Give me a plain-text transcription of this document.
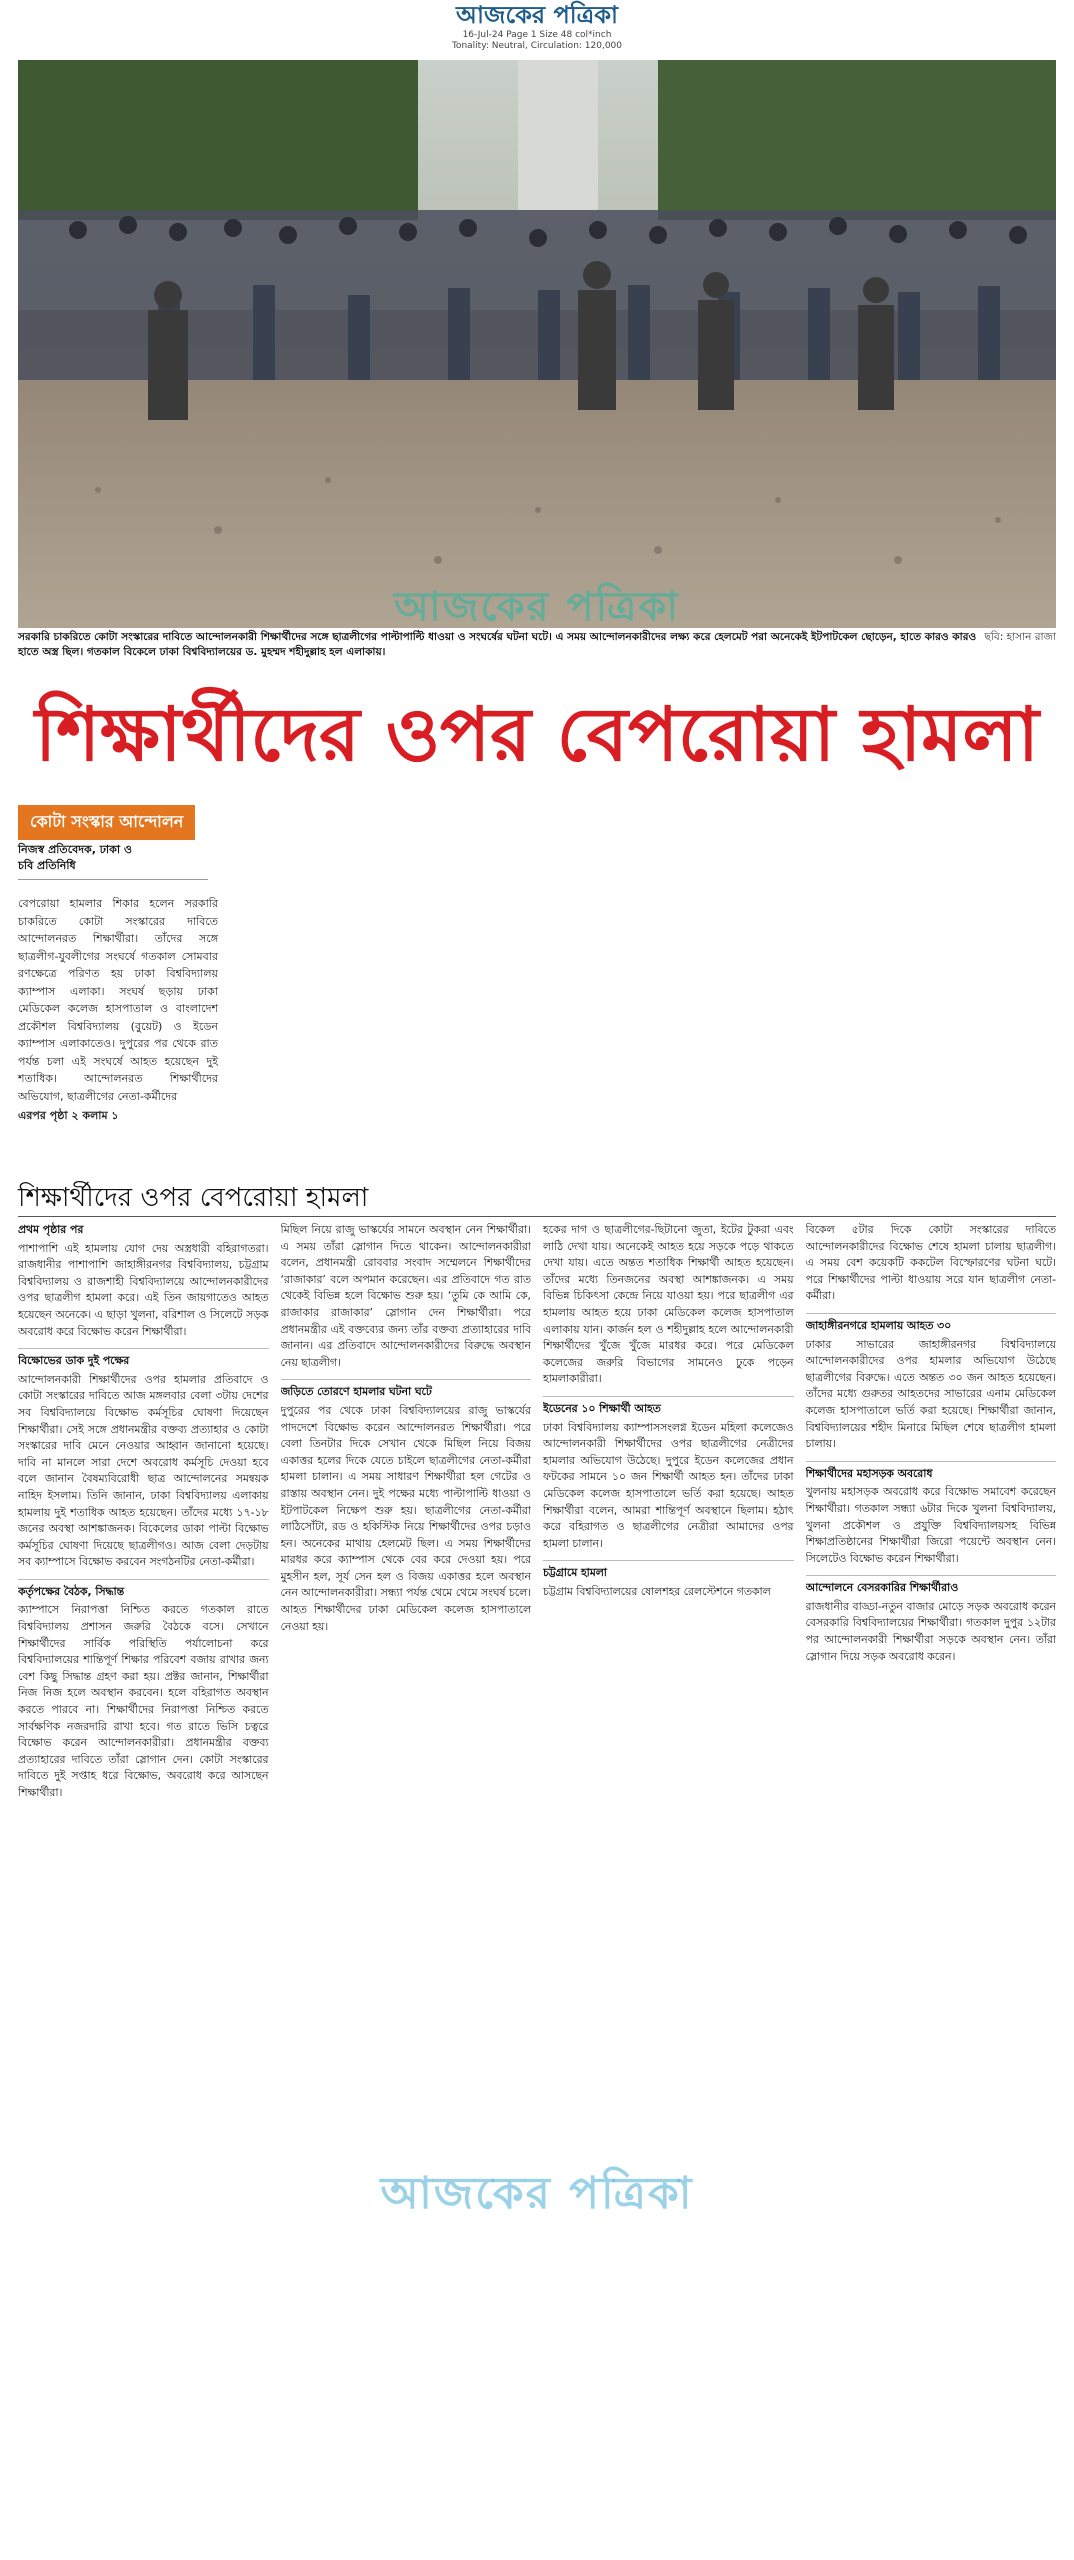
আজকের পত্রিকা
16-Jul-24 Page 1 Size 48 col*inch
Tonality: Neutral, Circulation: 120,000
আজকের পত্রিকা
ছবি: হাসান রাজা
সরকারি চাকরিতে কোটা সংস্কারের দাবিতে আন্দোলনকারী শিক্ষার্থীদের সঙ্গে ছাত্রলীগের পাল্টাপাল্টি ধাওয়া ও সংঘর্ষের ঘটনা ঘটে। এ সময় আন্দোলনকারীদের লক্ষ্য করে হেলমেট পরা অনেকেই ইটপাটকেল ছোড়েন, হাতে কারও কারও হাতে অস্ত্র ছিল। গতকাল বিকেলে ঢাকা বিশ্ববিদ্যালয়ের ড. মুহম্মদ শহীদুল্লাহ হল এলাকায়।
শিক্ষার্থীদের ওপর বেপরোয়া হামলা
কোটা সংস্কার আন্দোলন
নিজস্ব প্রতিবেদক, ঢাকা ও
চবি প্রতিনিধি
বেপরোয়া হামলার শিকার হলেন সরকারি চাকরিতে কোটা সংস্কারের দাবিতে আন্দোলনরত শিক্ষার্থীরা। তাঁদের সঙ্গে ছাত্রলীগ-যুবলীগের সংঘর্ষে গতকাল সোমবার রণক্ষেত্রে পরিণত হয় ঢাকা বিশ্ববিদ্যালয় ক্যাম্পাস এলাকা। সংঘর্ষ ছড়ায় ঢাকা মেডিকেল কলেজ হাসপাতাল ও বাংলাদেশ প্রকৌশল বিশ্ববিদ্যালয় (বুয়েট) ও ইডেন ক্যাম্পাস এলাকাতেও। দুপুরের পর থেকে রাত পর্যন্ত চলা এই সংঘর্ষে আহত হয়েছেন দুই শতাধিক। আন্দোলনরত শিক্ষার্থীদের অভিযোগ, ছাত্রলীগের নেতা-কর্মীদের
এরপর পৃষ্ঠা ২ কলাম ১
শিক্ষার্থীদের ওপর বেপরোয়া হামলা
প্রথম পৃষ্ঠার পর

পাশাপাশি এই হামলায় যোগ দেয় অস্ত্রধারী বহিরাগতরা। রাজধানীর পাশাপাশি জাহাঙ্গীরনগর বিশ্ববিদ্যালয়, চট্টগ্রাম বিশ্ববিদ্যালয় ও রাজশাহী বিশ্ববিদ্যালয়ে আন্দোলনকারীদের ওপর ছাত্রলীগ হামলা করে। এই তিন জায়গাতেও আহত হয়েছেন অনেকে। এ ছাড়া খুলনা, বরিশাল ও সিলেটে সড়ক অবরোধ করে বিক্ষোভ করেন শিক্ষার্থীরা।

বিক্ষোভের ডাক দুই পক্ষের

আন্দোলনকারী শিক্ষার্থীদের ওপর হামলার প্রতিবাদে ও কোটা সংস্কারের দাবিতে আজ মঙ্গলবার বেলা ৩টায় দেশের সব বিশ্ববিদ্যালয়ে বিক্ষোভ কর্মসূচির ঘোষণা দিয়েছেন শিক্ষার্থীরা। সেই সঙ্গে প্রধানমন্ত্রীর বক্তব্য প্রত্যাহার ও কোটা সংস্কারের দাবি মেনে নেওয়ার আহ্বান জানানো হয়েছে। দাবি না মানলে সারা দেশে অবরোধ কর্মসূচি দেওয়া হবে বলে জানান বৈষম্যবিরোধী ছাত্র আন্দোলনের সমন্বয়ক নাহিদ ইসলাম। তিনি জানান, ঢাকা বিশ্ববিদ্যালয় এলাকায় হামলায় দুই শতাধিক আহত হয়েছেন। তাঁদের মধ্যে ১৭-১৮ জনের অবস্থা আশঙ্কাজনক। বিকেলের ডাকা পাল্টা বিক্ষোভ কর্মসূচির ঘোষণা দিয়েছে ছাত্রলীগও। আজ বেলা দেড়টায় সব ক্যাম্পাসে বিক্ষোভ করবেন সংগঠনটির নেতা-কর্মীরা।

কর্তৃপক্ষের বৈঠক, সিদ্ধান্ত

ক্যাম্পাসে নিরাপত্তা নিশ্চিত করতে গতকাল রাতে বিশ্ববিদ্যালয় প্রশাসন জরুরি বৈঠকে বসে। সেখানে শিক্ষার্থীদের সার্বিক পরিস্থিতি পর্যালোচনা করে বিশ্ববিদ্যালয়ের শান্তিপূর্ণ শিক্ষার পরিবেশ বজায় রাখার জন্য বেশ কিছু সিদ্ধান্ত গ্রহণ করা হয়। প্রক্টর জানান, শিক্ষার্থীরা নিজ নিজ হলে অবস্থান করবেন। হলে বহিরাগত অবস্থান করতে পারবে না। শিক্ষার্থীদের নিরাপত্তা নিশ্চিত করতে সার্বক্ষণিক নজরদারি রাখা হবে। গত রাতে ভিসি চত্বরে বিক্ষোভ করেন আন্দোলনকারীরা। প্রধানমন্ত্রীর বক্তব্য প্রত্যাহারের দাবিতে তাঁরা স্লোগান দেন। কোটা সংস্কারের দাবিতে দুই সপ্তাহ ধরে বিক্ষোভ, অবরোধ করে আসছেন শিক্ষার্থীরা।

মিছিল নিয়ে রাজু ভাস্কর্যের সামনে অবস্থান নেন শিক্ষার্থীরা। এ সময় তাঁরা স্লোগান দিতে থাকেন। আন্দোলনকারীরা বলেন, প্রধানমন্ত্রী রোববার সংবাদ সম্মেলনে শিক্ষার্থীদের ‘রাজাকার’ বলে অপমান করেছেন। এর প্রতিবাদে গত রাত থেকেই বিভিন্ন হলে বিক্ষোভ শুরু হয়। ‘তুমি কে আমি কে, রাজাকার রাজাকার’ স্লোগান দেন শিক্ষার্থীরা। পরে প্রধানমন্ত্রীর এই বক্তব্যের জন্য তাঁর বক্তব্য প্রত্যাহারের দাবি জানান। এর প্রতিবাদে আন্দোলনকারীদের বিরুদ্ধে অবস্থান নেয় ছাত্রলীগ।

জড়িতে তোরণে হামলার ঘটনা ঘটে

দুপুরের পর থেকে ঢাকা বিশ্ববিদ্যালয়ের রাজু ভাস্কর্যের পাদদেশে বিক্ষোভ করেন আন্দোলনরত শিক্ষার্থীরা। পরে বেলা তিনটার দিকে সেখান থেকে মিছিল নিয়ে বিজয় একাত্তর হলের দিকে যেতে চাইলে ছাত্রলীগের নেতা-কর্মীরা হামলা চালান। এ সময় সাধারণ শিক্ষার্থীরা হল গেটের ও রাস্তায় অবস্থান নেন। দুই পক্ষের মধ্যে পাল্টাপাল্টি ধাওয়া ও ইটপাটকেল নিক্ষেপ শুরু হয়। ছাত্রলীগের নেতা-কর্মীরা লাঠিসোঁটা, রড ও হকিস্টিক নিয়ে শিক্ষার্থীদের ওপর চড়াও হন। অনেকের মাথায় হেলমেট ছিল। এ সময় শিক্ষার্থীদের মারধর করে ক্যাম্পাস থেকে বের করে দেওয়া হয়। পরে মুহসীন হল, সূর্য সেন হল ও বিজয় একাত্তর হলে অবস্থান নেন আন্দোলনকারীরা। সন্ধ্যা পর্যন্ত থেমে থেমে সংঘর্ষ চলে। আহত শিক্ষার্থীদের ঢাকা মেডিকেল কলেজ হাসপাতালে নেওয়া হয়।

হকের দাগ ও ছাত্রলীগের-ছিটানো জুতা, ইটের টুকরা এবং লাঠি দেখা যায়। অনেকেই আহত হয়ে সড়কে পড়ে থাকতে দেখা যায়। এতে অন্তত শতাধিক শিক্ষার্থী আহত হয়েছেন। তাঁদের মধ্যে তিনজনের অবস্থা আশঙ্কাজনক। এ সময় বিভিন্ন চিকিৎসা কেন্দ্রে নিয়ে যাওয়া হয়। পরে ছাত্রলীগ এর হামলায় আহত হয়ে ঢাকা মেডিকেল কলেজ হাসপাতাল এলাকায় যান। কার্জন হল ও শহীদুল্লাহ হলে আন্দোলনকারী শিক্ষার্থীদের খুঁজে খুঁজে মারধর করে। পরে মেডিকেল কলেজের জরুরি বিভাগের সামনেও ঢুকে পড়েন হামলাকারীরা।

ইডেনের ১০ শিক্ষার্থী আহত

ঢাকা বিশ্ববিদ্যালয় ক্যাম্পাসসংলগ্ন ইডেন মহিলা কলেজেও আন্দোলনকারী শিক্ষার্থীদের ওপর ছাত্রলীগের নেত্রীদের হামলার অভিযোগ উঠেছে। দুপুরে ইডেন কলেজের প্রধান ফটকের সামনে ১০ জন শিক্ষার্থী আহত হন। তাঁদের ঢাকা মেডিকেল কলেজ হাসপাতালে ভর্তি করা হয়েছে। আহত শিক্ষার্থীরা বলেন, আমরা শান্তিপূর্ণ অবস্থানে ছিলাম। হঠাৎ করে বহিরাগত ও ছাত্রলীগের নেত্রীরা আমাদের ওপর হামলা চালান।

চট্টগ্রামে হামলা

চট্টগ্রাম বিশ্ববিদ্যালয়ের ষোলশহর রেলস্টেশনে গতকাল

বিকেল ৫টার দিকে কোটা সংস্কারের দাবিতে আন্দোলনকারীদের বিক্ষোভ শেষে হামলা চালায় ছাত্রলীগ। এ সময় বেশ কয়েকটি ককটেল বিস্ফোরণের ঘটনা ঘটে। পরে শিক্ষার্থীদের পাল্টা ধাওয়ায় সরে যান ছাত্রলীগ নেতা-কর্মীরা।

জাহাঙ্গীরনগরে হামলায় আহত ৩০

ঢাকার সাভারের জাহাঙ্গীরনগর বিশ্ববিদ্যালয়ে আন্দোলনকারীদের ওপর হামলার অভিযোগ উঠেছে ছাত্রলীগের বিরুদ্ধে। এতে অন্তত ৩০ জন আহত হয়েছেন। তাঁদের মধ্যে গুরুতর আহতদের সাভারের এনাম মেডিকেল কলেজ হাসপাতালে ভর্তি করা হয়েছে। শিক্ষার্থীরা জানান, বিশ্ববিদ্যালয়ের শহীদ মিনারে মিছিল শেষে ছাত্রলীগ হামলা চালায়।

শিক্ষার্থীদের মহাসড়ক অবরোধ

খুলনায় মহাসড়ক অবরোধ করে বিক্ষোভ সমাবেশ করেছেন শিক্ষার্থীরা। গতকাল সন্ধ্যা ৬টার দিকে খুলনা বিশ্ববিদ্যালয়, খুলনা প্রকৌশল ও প্রযুক্তি বিশ্ববিদ্যালয়সহ বিভিন্ন শিক্ষাপ্রতিষ্ঠানের শিক্ষার্থীরা জিরো পয়েন্টে অবস্থান নেন। সিলেটেও বিক্ষোভ করেন শিক্ষার্থীরা।

আন্দোলনে বেসরকারির শিক্ষার্থীরাও

রাজধানীর বাড্ডা-নতুন বাজার মোড়ে সড়ক অবরোধ করেন বেসরকারি বিশ্ববিদ্যালয়ের শিক্ষার্থীরা। গতকাল দুপুর ১২টার পর আন্দোলনকারী শিক্ষার্থীরা সড়কে অবস্থান নেন। তাঁরা স্লোগান দিয়ে সড়ক অবরোধ করেন।

আজকের পত্রিকা
